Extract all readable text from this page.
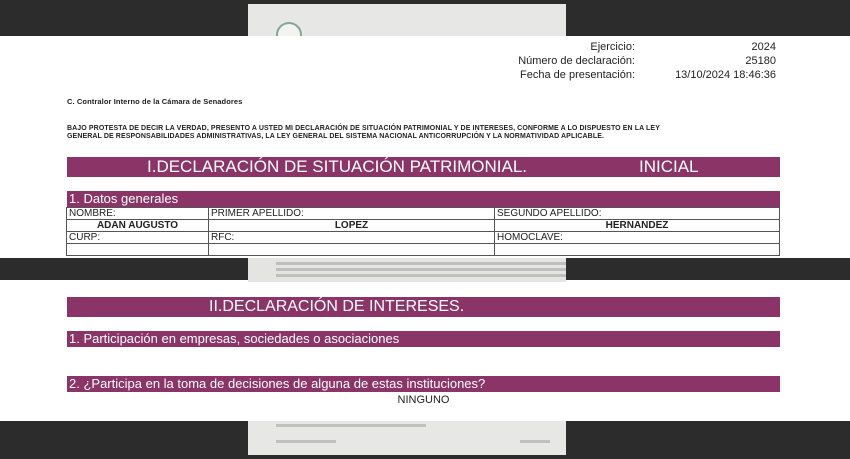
Ejercicio:	2024
Número de declaración:	25180
Fecha de presentación:	13/10/2024 18:46:36
C. Contralor Interno de la Cámara de Senadores
BAJO PROTESTA DE DECIR LA VERDAD, PRESENTO A USTED MI DECLARACIÓN DE SITUACIÓN PATRIMONIAL Y DE INTERESES, CONFORME A LO DISPUESTO EN LA LEY
GENERAL DE RESPONSABILIDADES ADMINISTRATIVAS, LA LEY GENERAL DEL SISTEMA NACIONAL ANTICORRUPCIÓN Y LA NORMATIVIDAD APLICABLE.
I.DECLARACIÓN DE SITUACIÓN PATRIMONIAL.	INICIAL
1. Datos generales
NOMBRE:	PRIMER APELLIDO:	SEGUNDO APELLIDO:
ADAN AUGUSTO	LOPEZ	HERNANDEZ
CURP:	RFC:	HOMOCLAVE:

II.DECLARACIÓN DE INTERESES.
1. Participación en empresas, sociedades o asociaciones
2. ¿Participa en la toma de decisiones de alguna de estas instituciones?
NINGUNO
